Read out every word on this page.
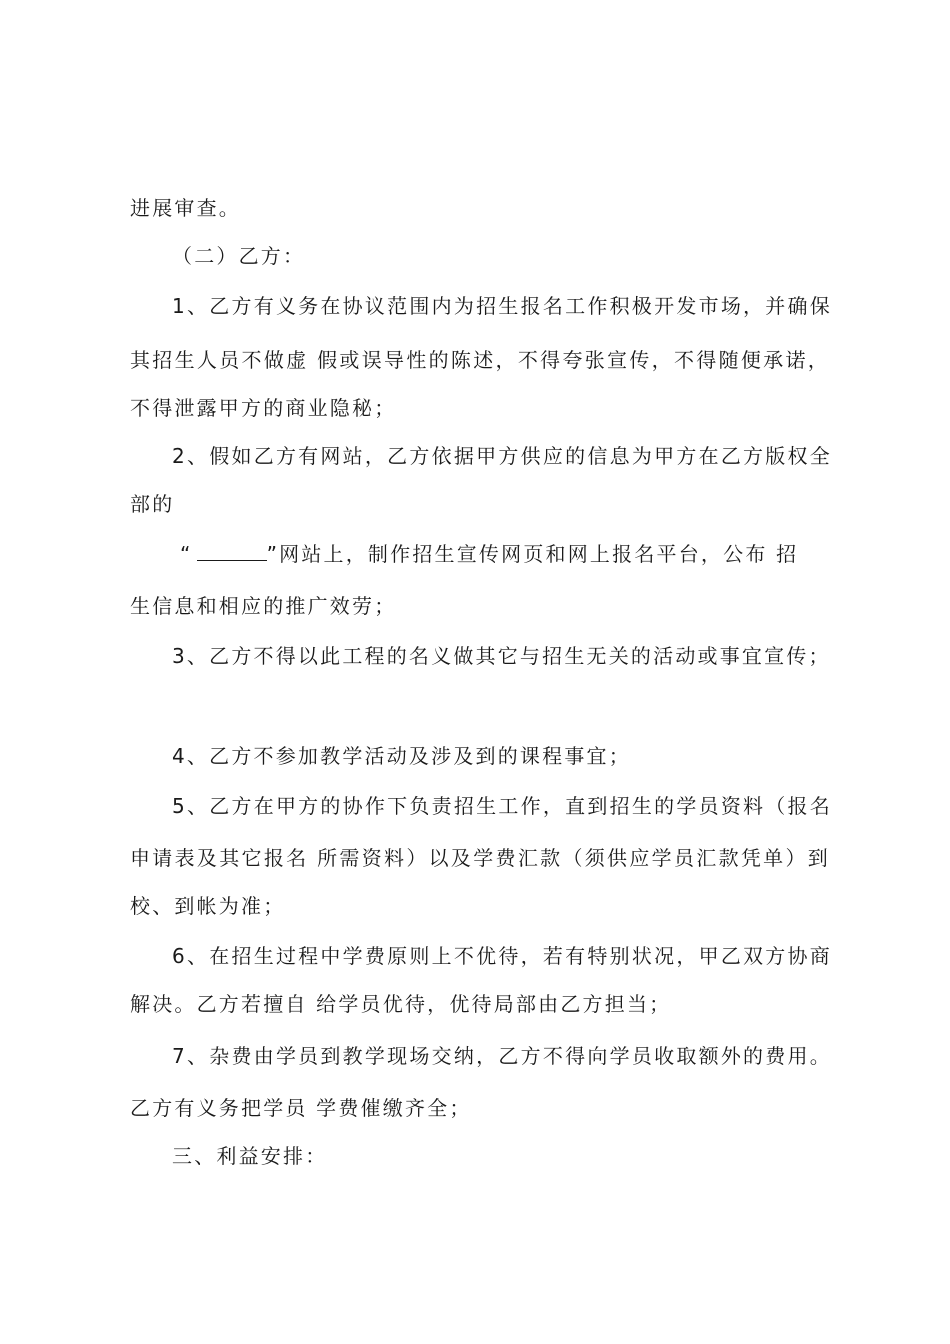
进展审查。
（二）乙方：
1、乙方有义务在协议范围内为招生报名工作积极开发市场，并确保
其招生人员不做虚 假或误导性的陈述，不得夸张宣传，不得随便承诺，
不得泄露甲方的商业隐秘；
2、假如乙方有网站，乙方依据甲方供应的信息为甲方在乙方版权全
部的
“	”网站上，制作招生宣传网页和网上报名平台，公布 招
生信息和相应的推广效劳；
3、乙方不得以此工程的名义做其它与招生无关的活动或事宜宣传；
4、乙方不参加教学活动及涉及到的课程事宜；
5、乙方在甲方的协作下负责招生工作，直到招生的学员资料（报名
申请表及其它报名 所需资料）以及学费汇款（须供应学员汇款凭单）到
校、到帐为准；
6、在招生过程中学费原则上不优待，若有特别状况，甲乙双方协商
解决。乙方若擅自 给学员优待，优待局部由乙方担当；
7、杂费由学员到教学现场交纳，乙方不得向学员收取额外的费用。
乙方有义务把学员 学费催缴齐全；
三、利益安排：
